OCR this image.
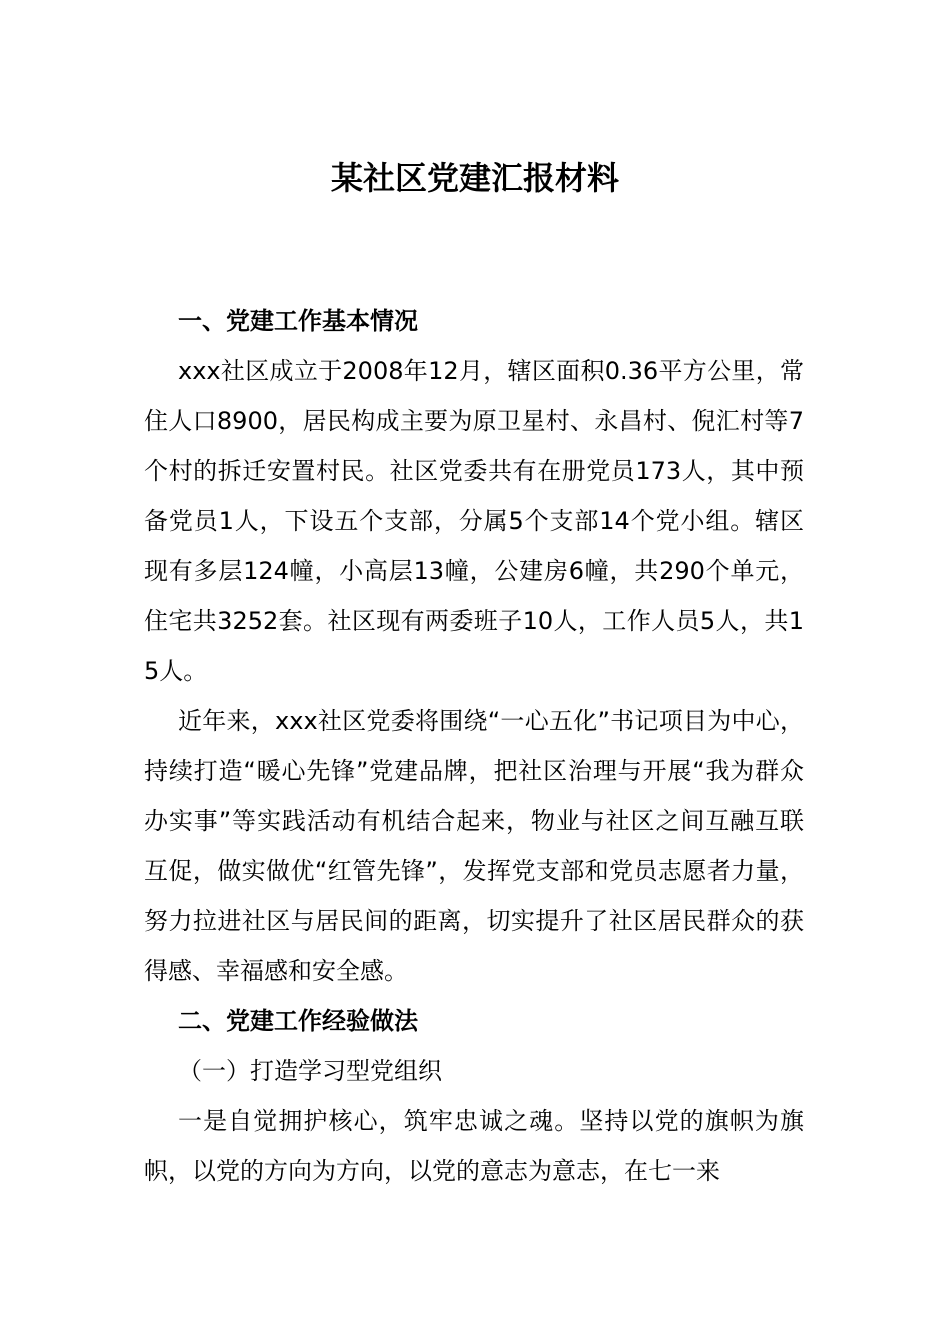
某社区党建汇报材料

一、党建工作基本情况

xxx社区成立于2008年12月，辖区面积0.36平方公里，常住人口8900，居民构成主要为原卫星村、永昌村、倪汇村等7个村的拆迁安置村民。社区党委共有在册党员173人，其中预备党员1人，下设五个支部，分属5个支部14个党小组。辖区现有多层124幢，小高层13幢，公建房6幢，共290个单元，住宅共3252套。社区现有两委班子10人，工作人员5人，共15人。

近年来，xxx社区党委将围绕“一心五化”书记项目为中心，持续打造“暖心先锋”党建品牌，把社区治理与开展“我为群众办实事”等实践活动有机结合起来，物业与社区之间互融互联互促，做实做优“红管先锋”，发挥党支部和党员志愿者力量，努力拉进社区与居民间的距离，切实提升了社区居民群众的获得感、幸福感和安全感。

二、党建工作经验做法

（一）打造学习型党组织

一是自觉拥护核心，筑牢忠诚之魂。坚持以党的旗帜为旗帜，以党的方向为方向，以党的意志为意志，在七一来
